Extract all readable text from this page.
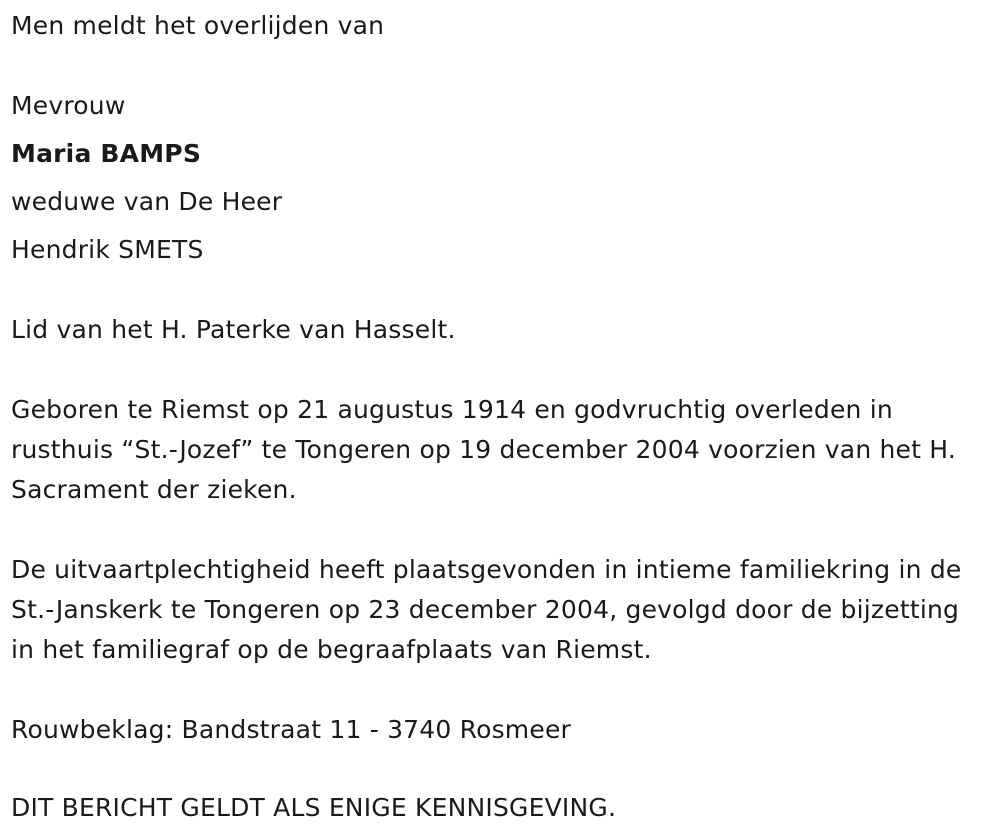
Men meldt het overlijden van
Mevrouw
Maria BAMPS
weduwe van De Heer
Hendrik SMETS
Lid van het H. Paterke van Hasselt.
Geboren te Riemst op 21 augustus 1914 en godvruchtig overleden in rusthuis “St.-Jozef” te Tongeren op 19 december 2004 voorzien van het H. Sacrament der zieken.
De uitvaartplechtigheid heeft plaatsgevonden in intieme familiekring in de St.-Janskerk te Tongeren op 23 december 2004, gevolgd door de bijzetting in het familiegraf op de begraafplaats van Riemst.
Rouwbeklag: Bandstraat 11 - 3740 Rosmeer
DIT BERICHT GELDT ALS ENIGE KENNISGEVING.
